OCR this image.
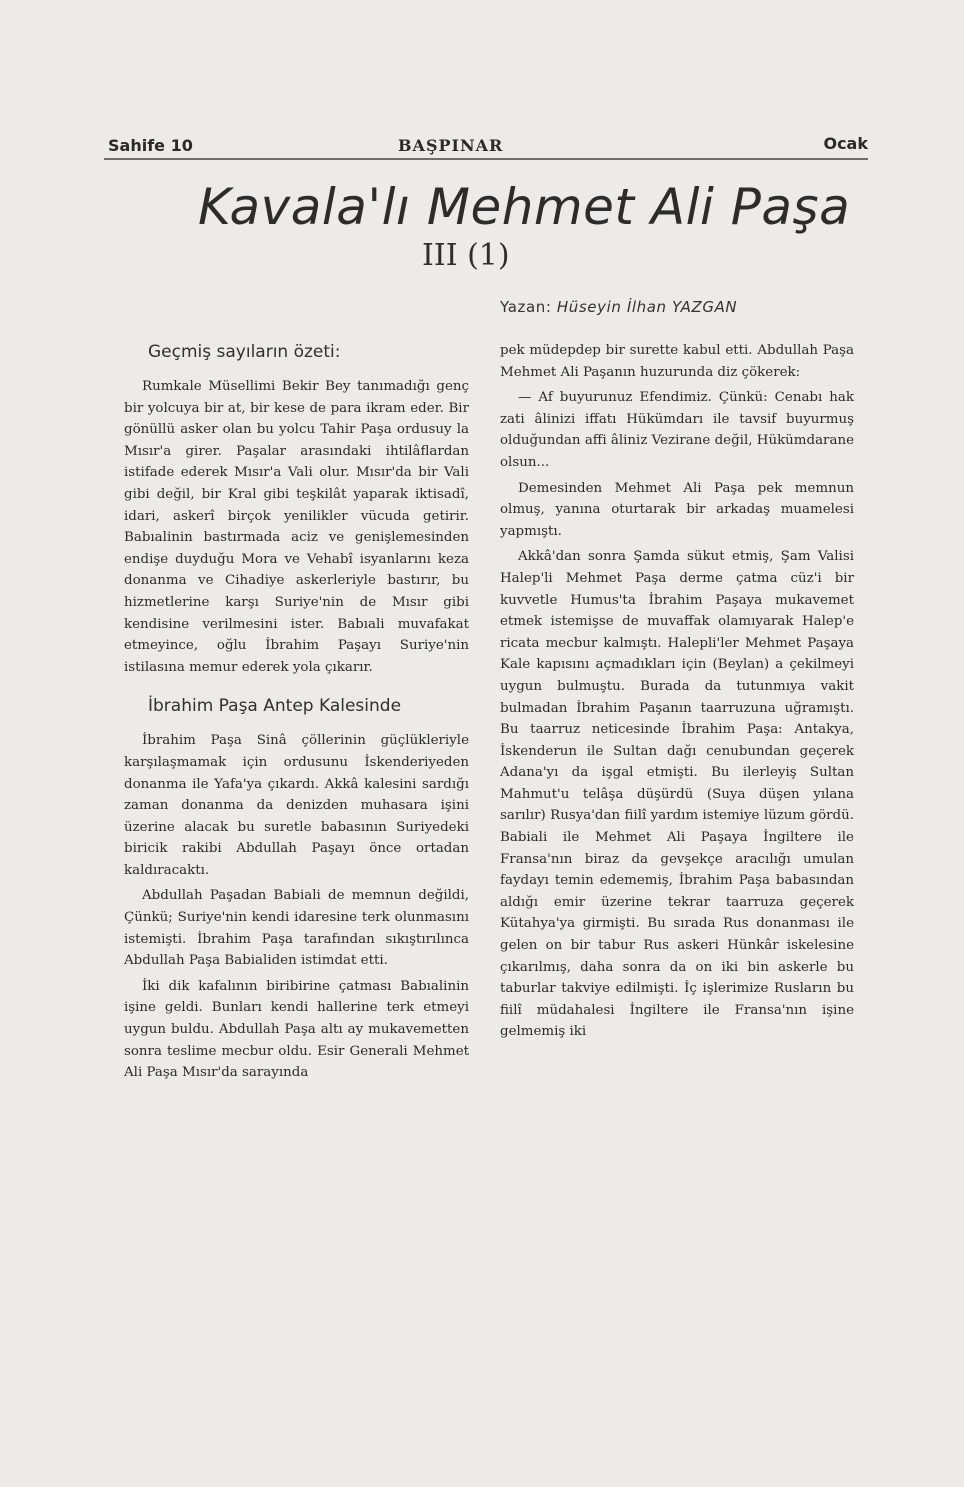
Sahife 10	BAŞPINAR	Ocak
Kavala'lı Mehmet Ali Paşa
III (1)
Yazan: Hüseyin İlhan YAZGAN
Geçmiş sayıların özeti:

Rumkale Müsellimi Bekir Bey tanımadığı genç bir yolcuya bir at, bir kese de para ikram eder. Bir gönüllü asker olan bu yolcu Tahir Paşa ordusuy la Mısır'a girer. Paşalar arasındaki ihtilâflardan istifade ederek Mısır'a Vali olur. Mısır'da bir Vali gibi değil, bir Kral gibi teşkilât yaparak iktisadî, idari, askerî birçok yenilikler vücuda getirir. Babıalinin bastırmada aciz ve genişlemesinden endişe duyduğu Mora ve Vehabî isyanlarını keza donanma ve Cihadiye askerleriyle bastırır, bu hizmetlerine karşı Suriye'nin de Mısır gibi kendisine verilmesini ister. Babıali muvafakat etmeyince, oğlu İbrahim Paşayı Suriye'nin istilasına memur ederek yola çıkarır.

İbrahim Paşa Antep Kalesinde

İbrahim Paşa Sinâ çöllerinin güçlükleriyle karşılaşmamak için ordusunu İskenderiyeden donanma ile Yafa'ya çıkardı. Akkâ kalesini sardığı zaman donanma da denizden muhasara işini üzerine alacak bu suretle babasının Suriyedeki biricik rakibi Abdullah Paşayı önce ortadan kaldıracaktı.

Abdullah Paşadan Babiali de memnun değildi, Çünkü; Suriye'nin kendi idaresine terk olunmasını istemişti. İbrahim Paşa tarafından sıkıştırılınca Abdullah Paşa Babialiden istimdat etti.

İki dik kafalının biribirine çatması Babıalinin işine geldi. Bunları kendi hallerine terk etmeyi uygun buldu. Abdullah Paşa altı ay mukavemetten sonra teslime mecbur oldu. Esir Generali Mehmet Ali Paşa Mısır'da sarayında

pek müdepdep bir surette kabul etti. Abdullah Paşa Mehmet Ali Paşanın huzurunda diz çökerek:

— Af buyurunuz Efendimiz. Çünkü: Cenabı hak zati âlinizi iffatı Hükümdarı ile tavsif buyurmuş olduğundan affi âliniz Vezirane değil, Hükümdarane olsun...

Demesinden Mehmet Ali Paşa pek memnun olmuş, yanına oturtarak bir arkadaş muamelesi yapmıştı.

Akkâ'dan sonra Şamda sükut etmiş, Şam Valisi Halep'li Mehmet Paşa derme çatma cüz'i bir kuvvetle Humus'ta İbrahim Paşaya mukavemet etmek istemişse de muvaffak olamıyarak Halep'e ricata mecbur kalmıştı. Halepli'ler Mehmet Paşaya Kale kapısını açmadıkları için (Beylan) a çekilmeyi uygun bulmuştu. Burada da tutunmıya vakit bulmadan İbrahim Paşanın taarruzuna uğramıştı. Bu taarruz neticesinde İbrahim Paşa: Antakya, İskenderun ile Sultan dağı cenubundan geçerek Adana'yı da işgal etmişti. Bu ilerleyiş Sultan Mahmut'u telâşa düşürdü (Suya düşen yılana sarılır) Rusya'dan fiilî yardım istemiye lüzum gördü. Babiali ile Mehmet Ali Paşaya İngiltere ile Fransa'nın biraz da gevşekçe aracılığı umulan faydayı temin edememiş, İbrahim Paşa babasından aldığı emir üzerine tekrar taarruza geçerek Kütahya'ya girmişti. Bu sırada Rus donanması ile gelen on bir tabur Rus askeri Hünkâr iskelesine çıkarılmış, daha sonra da on iki bin askerle bu taburlar takviye edilmişti. İç işlerimize Rusların bu fiilî müdahalesi İngiltere ile Fransa'nın işine gelmemiş iki
